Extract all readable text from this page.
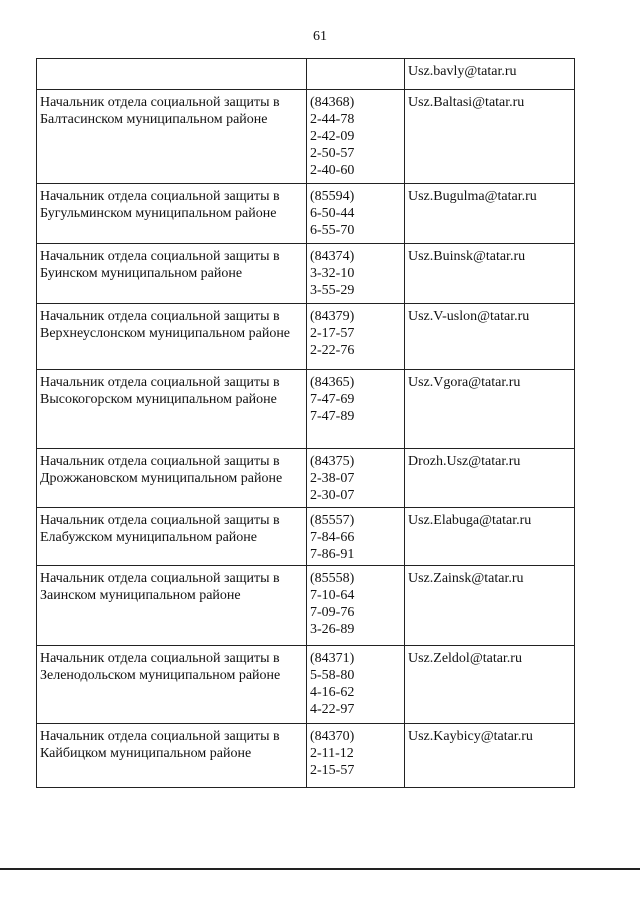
61

		Usz.bavly@tatar.ru

Начальник отдела социальной защиты в Балтасинском муниципальном районе	(84368)
2-44-78
2-42-09
2-50-57
2-40-60	Usz.Baltasi@tatar.ru

Начальник отдела социальной защиты в Бугульминском муниципальном районе	(85594)
6-50-44
6-55-70	Usz.Bugulma@tatar.ru

Начальник отдела социальной защиты в Буинском муниципальном районе	(84374)
3-32-10
3-55-29	Usz.Buinsk@tatar.ru

Начальник отдела социальной защиты в Верхнеуслонском муниципальном районе	(84379)
2-17-57
2-22-76	Usz.V-uslon@tatar.ru

Начальник отдела социальной защиты в Высокогорском муниципальном районе	(84365)
7-47-69
7-47-89	Usz.Vgora@tatar.ru

Начальник отдела социальной защиты в Дрожжановском муниципальном районе	(84375)
2-38-07
2-30-07	Drozh.Usz@tatar.ru

Начальник отдела социальной защиты в Елабужском муниципальном районе	(85557)
7-84-66
7-86-91	Usz.Elabuga@tatar.ru

Начальник отдела социальной защиты в Заинском муниципальном районе	(85558)
7-10-64
7-09-76
3-26-89	Usz.Zainsk@tatar.ru

Начальник отдела социальной защиты в Зеленодольском муниципальном районе	(84371)
5-58-80
4-16-62
4-22-97	Usz.Zeldol@tatar.ru

Начальник отдела социальной защиты в Кайбицком муниципальном районе	(84370)
2-11-12
2-15-57	Usz.Kaybicy@tatar.ru
